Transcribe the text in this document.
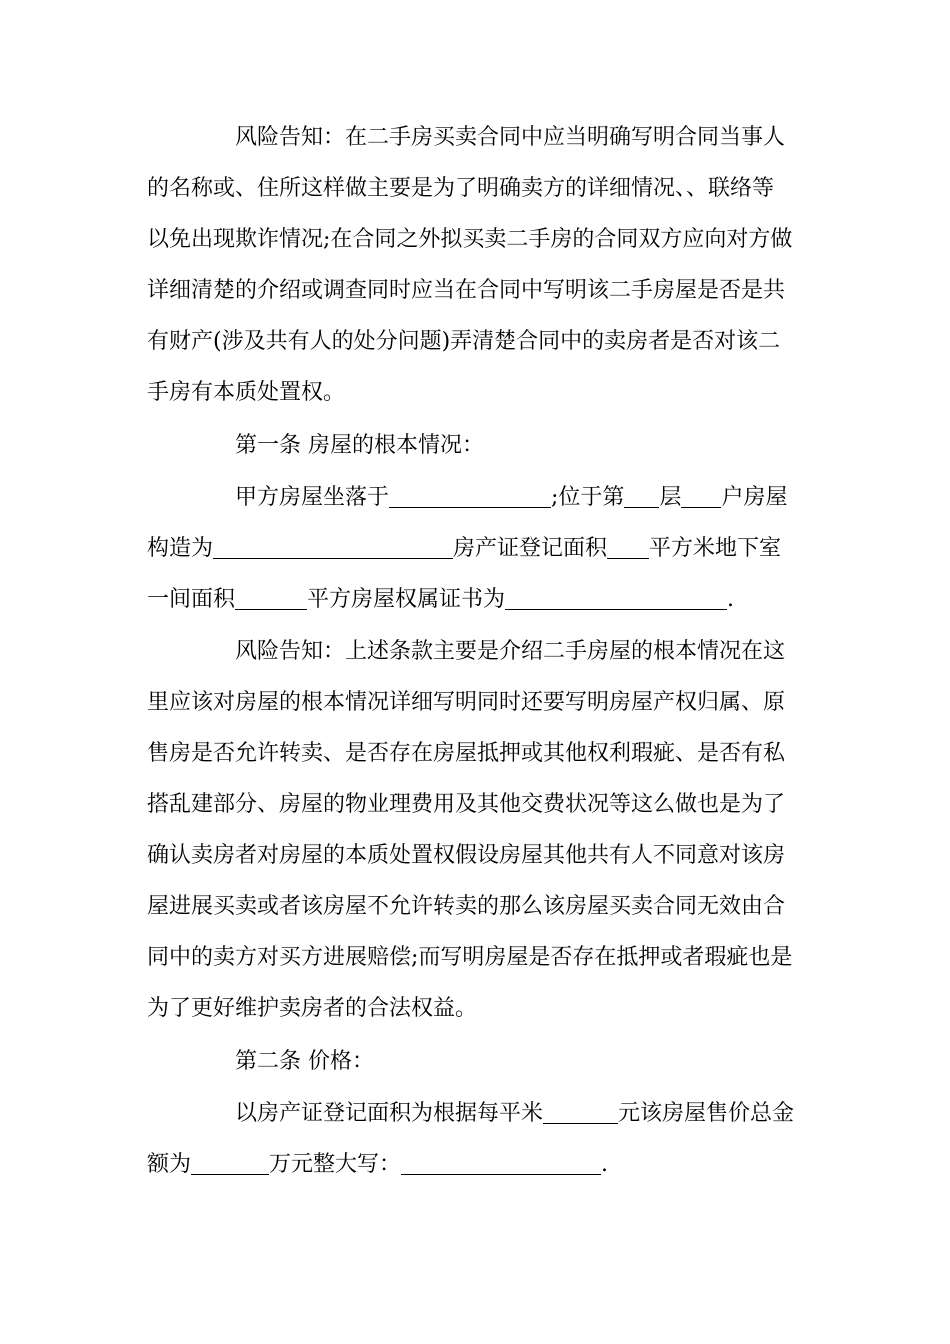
风险告知：在二手房买卖合同中应当明确写明合同当事人
的名称或、住所这样做主要是为了明确卖方的详细情况、、联络等
以免出现欺诈情况;在合同之外拟买卖二手房的合同双方应向对方做
详细清楚的介绍或调查同时应当在合同中写明该二手房屋是否是共
有财产(涉及共有人的处分问题)弄清楚合同中的卖房者是否对该二
手房有本质处置权。
第一条 房屋的根本情况：
甲方房屋坐落于	;位于第 层 户房屋
构造为	房产证登记面积 平方米地下室
一间面积	平方房屋权属证书为	.
风险告知：上述条款主要是介绍二手房屋的根本情况在这
里应该对房屋的根本情况详细写明同时还要写明房屋产权归属、原
售房是否允许转卖、是否存在房屋抵押或其他权利瑕疵、是否有私
搭乱建部分、房屋的物业理费用及其他交费状况等这么做也是为了
确认卖房者对房屋的本质处置权假设房屋其他共有人不同意对该房
屋进展买卖或者该房屋不允许转卖的那么该房屋买卖合同无效由合
同中的卖方对买方进展赔偿;而写明房屋是否存在抵押或者瑕疵也是
为了更好维护卖房者的合法权益。
第二条 价格：
以房产证登记面积为根据每平米	元该房屋售价总金
额为	万元整大写：	.
